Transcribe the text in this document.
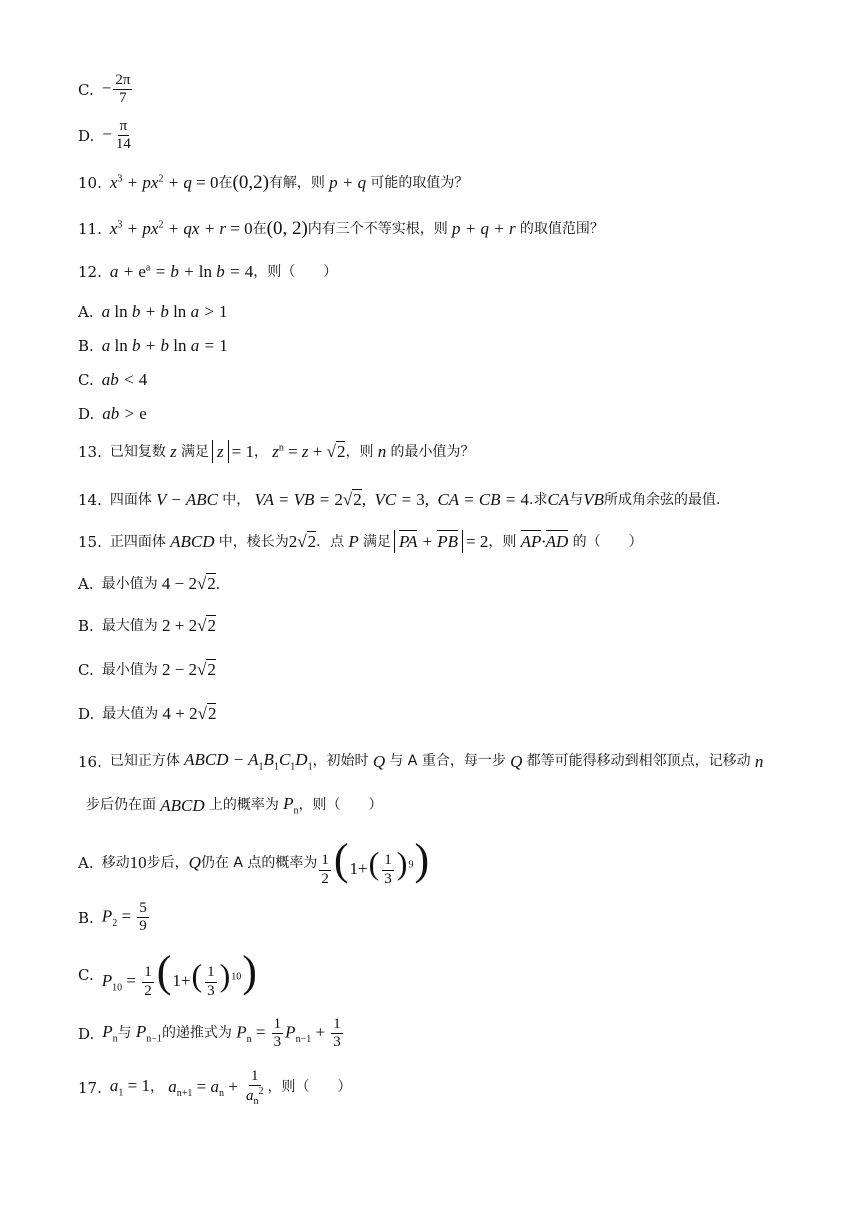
C. − $\frac{2\pi}{7}$
D. − $\frac{\pi}{14}$
10. $x^3 + px^2 + q = 0$ 在 (0,2) 有解，则 p + q 可能的取值为？
11. $x^3 + px^2$ + qx + r = 0 在 (0, 2) 内有三个不等实根，则 p + q + r 的取值范围？
12. $a + e^a = b + \ln b = 4$ ，则（　　）
A. a ln b + b ln a > 1
B. a ln b + b ln a = 1
C. ab < 4
D. ab > e
13. 已知复数 z 满足 z = 1 ， $z^n = z + √2$ ，则 n 的最小值为？
14. 四面体 V − ABC 中， VA = VB = 2√2,  VC = 3,  CA = CB = 4 .求 CA 与 VB 所成角余弦的最值.
15. 正四面体 ABCD 中，棱长为 2√2 ．点 P 满足 PA + PB = 2 ，则 AP·AD 的（　　）
A. 最小值为 4 − 2√2.
B. 最大值为 2 + 2√2
C. 最小值为 2 − 2√2
D. 最大值为 4 + 2√2
16. 已知正方体 ABCD − $A_1B_1C_1D_1$ ，初始时 Q 与 A 重合，每一步 Q 都等可能得移动到相邻顶点，记移动 n
步后仍在面 ABCD 上的概率为 $P_n$ ，则（　　）
A. 移动 10 步后， Q 仍在 A 点的概率为 $\frac{1}{2} (1+( \frac{1}{3} )^9)$
B. $P_2 = \frac{5}{9}$
C. $P_{10} = \frac{1}{2} (1+( \frac{1}{3} )^{10})$
D. $P_n$ 与 $P_{n-1}$ 的递推式为 $P_n = \frac{1}{3} P_{n-1} + \frac{1}{3}$
17. $a_1 = 1$ ， $a_{n+1} = a_n + \frac{1}{a_n^2}$ ，则（　　）
